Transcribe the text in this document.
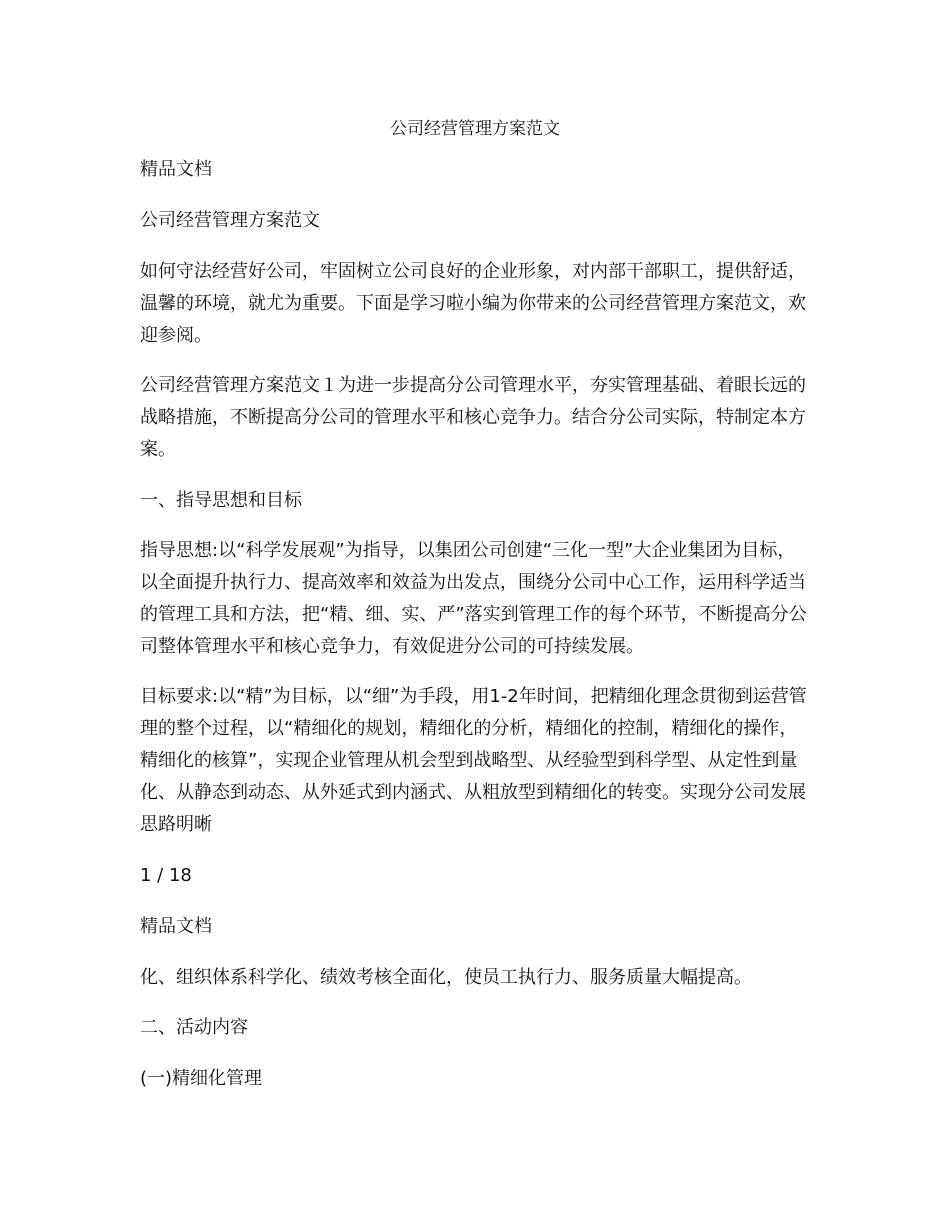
公司经营管理方案范文

精品文档

公司经营管理方案范文

如何守法经营好公司，牢固树立公司良好的企业形象，对内部干部职工，提供舒适，温馨的环境，就尤为重要。下面是学习啦小编为你带来的公司经营管理方案范文，欢迎参阅。

公司经营管理方案范文１为进一步提高分公司管理水平，夯实管理基础、着眼长远的战略措施，不断提高分公司的管理水平和核心竞争力。结合分公司实际，特制定本方案。

一、指导思想和目标

指导思想:以“科学发展观”为指导，以集团公司创建“三化一型”大企业集团为目标，以全面提升执行力、提高效率和效益为出发点，围绕分公司中心工作，运用科学适当的管理工具和方法，把“精、细、实、严”落实到管理工作的每个环节，不断提高分公司整体管理水平和核心竞争力，有效促进分公司的可持续发展。

目标要求:以“精”为目标，以“细”为手段，用1-2年时间，把精细化理念贯彻到运营管理的整个过程，以“精细化的规划，精细化的分析，精细化的控制，精细化的操作，精细化的核算”，实现企业管理从机会型到战略型、从经验型到科学型、从定性到量化、从静态到动态、从外延式到内涵式、从粗放型到精细化的转变。实现分公司发展思路明晰

1 / 18

精品文档

化、组织体系科学化、绩效考核全面化，使员工执行力、服务质量大幅提高。

二、活动内容

(一)精细化管理
